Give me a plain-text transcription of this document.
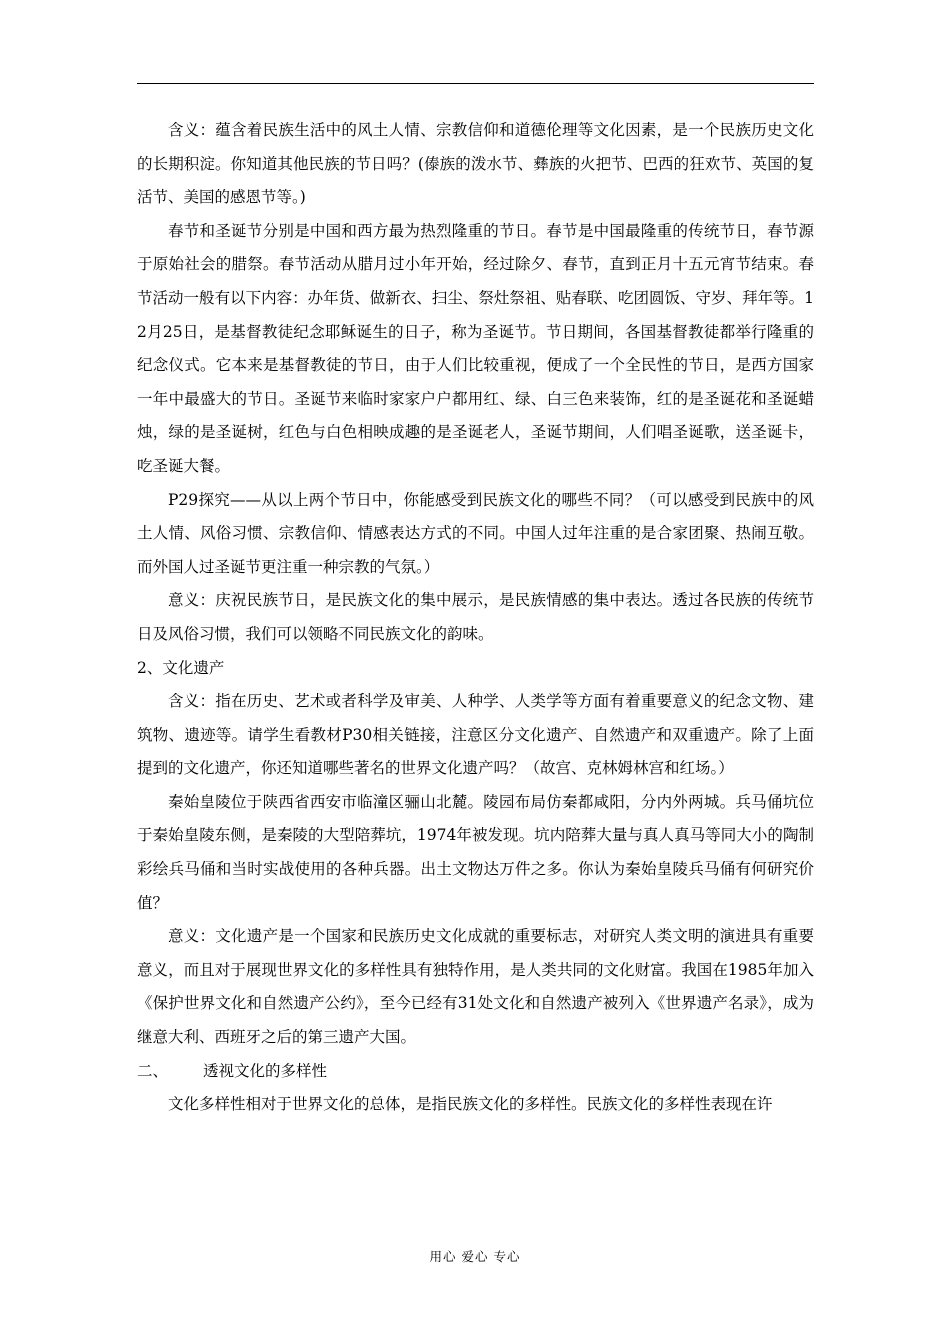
含义：蕴含着民族生活中的风土人情、宗教信仰和道德伦理等文化因素，是一个民族历史文化的长期积淀。你知道其他民族的节日吗？(傣族的泼水节、彝族的火把节、巴西的狂欢节、英国的复活节、美国的感恩节等。)

春节和圣诞节分别是中国和西方最为热烈隆重的节日。春节是中国最隆重的传统节日，春节源于原始社会的腊祭。春节活动从腊月过小年开始，经过除夕、春节，直到正月十五元宵节结束。春节活动一般有以下内容：办年货、做新衣、扫尘、祭灶祭祖、贴春联、吃团圆饭、守岁、拜年等。12月25日，是基督教徒纪念耶稣诞生的日子，称为圣诞节。节日期间，各国基督教徒都举行隆重的纪念仪式。它本来是基督教徒的节日，由于人们比较重视，便成了一个全民性的节日，是西方国家一年中最盛大的节日。圣诞节来临时家家户户都用红、绿、白三色来装饰，红的是圣诞花和圣诞蜡烛，绿的是圣诞树，红色与白色相映成趣的是圣诞老人，圣诞节期间，人们唱圣诞歌，送圣诞卡，吃圣诞大餐。

P29探究——从以上两个节日中，你能感受到民族文化的哪些不同？（可以感受到民族中的风土人情、风俗习惯、宗教信仰、情感表达方式的不同。中国人过年注重的是合家团聚、热闹互敬。而外国人过圣诞节更注重一种宗教的气氛。）

意义：庆祝民族节日，是民族文化的集中展示，是民族情感的集中表达。透过各民族的传统节日及风俗习惯，我们可以领略不同民族文化的韵味。

2、文化遗产

含义：指在历史、艺术或者科学及审美、人种学、人类学等方面有着重要意义的纪念文物、建筑物、遗迹等。请学生看教材P30相关链接，注意区分文化遗产、自然遗产和双重遗产。除了上面提到的文化遗产，你还知道哪些著名的世界文化遗产吗？（故宫、克林姆林宫和红场。）

秦始皇陵位于陕西省西安市临潼区骊山北麓。陵园布局仿秦都咸阳，分内外两城。兵马俑坑位于秦始皇陵东侧，是秦陵的大型陪葬坑，1974年被发现。坑内陪葬大量与真人真马等同大小的陶制彩绘兵马俑和当时实战使用的各种兵器。出土文物达万件之多。你认为秦始皇陵兵马俑有何研究价值？

意义：文化遗产是一个国家和民族历史文化成就的重要标志，对研究人类文明的演进具有重要意义，而且对于展现世界文化的多样性具有独特作用，是人类共同的文化财富。我国在1985年加入《保护世界文化和自然遗产公约》，至今已经有31处文化和自然遗产被列入《世界遗产名录》，成为继意大利、西班牙之后的第三遗产大国。

二、	透视文化的多样性

文化多样性相对于世界文化的总体，是指民族文化的多样性。民族文化的多样性表现在许

用心 爱心 专心
